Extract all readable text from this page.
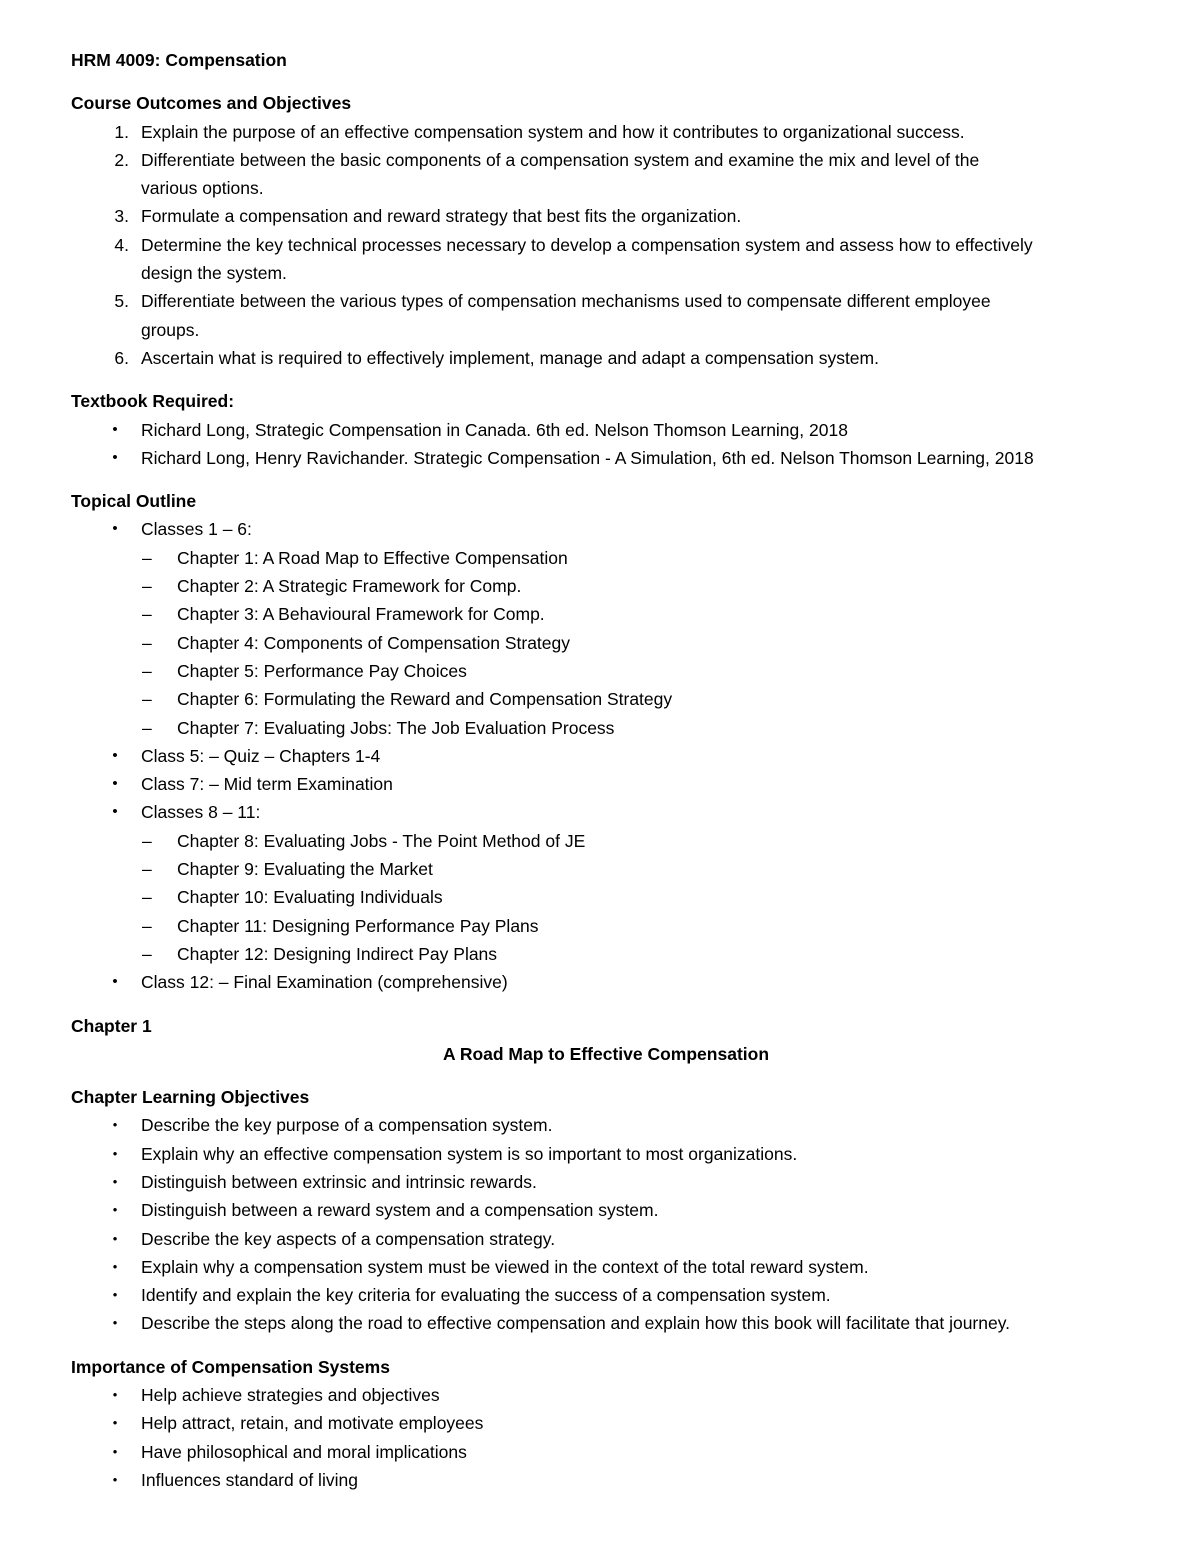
HRM 4009: Compensation
Course Outcomes and Objectives
1. Explain the purpose of an effective compensation system and how it contributes to organizational success.
2. Differentiate between the basic components of a compensation system and examine the mix and level of the
various options.
3. Formulate a compensation and reward strategy that best fits the organization.
4. Determine the key technical processes necessary to develop a compensation system and assess how to effectively
design the system.
5. Differentiate between the various types of compensation mechanisms used to compensate different employee
groups.
6. Ascertain what is required to effectively implement, manage and adapt a compensation system.
Textbook Required:
•	Richard Long, Strategic Compensation in Canada. 6th ed. Nelson Thomson Learning, 2018
•	Richard Long, Henry Ravichander. Strategic Compensation - A Simulation, 6th ed. Nelson Thomson Learning, 2018
Topical Outline
•	Classes 1 – 6:
–	Chapter 1: A Road Map to Effective Compensation
–	Chapter 2: A Strategic Framework for Comp.
–	Chapter 3: A Behavioural Framework for Comp.
–	Chapter 4: Components of Compensation Strategy
–	Chapter 5: Performance Pay Choices
–	Chapter 6: Formulating the Reward and Compensation Strategy
–	Chapter 7: Evaluating Jobs: The Job Evaluation Process
•	Class 5: – Quiz – Chapters 1-4
•	Class 7: – Mid term Examination
•	Classes 8 – 11:
–	Chapter 8: Evaluating Jobs - The Point Method of JE
–	Chapter 9: Evaluating the Market
–	Chapter 10: Evaluating Individuals
–	Chapter 11: Designing Performance Pay Plans
–	Chapter 12: Designing Indirect Pay Plans
•	Class 12: – Final Examination (comprehensive)
Chapter 1
A Road Map to Effective Compensation
Chapter Learning Objectives
•	Describe the key purpose of a compensation system.
•	Explain why an effective compensation system is so important to most organizations.
•	Distinguish between extrinsic and intrinsic rewards.
•	Distinguish between a reward system and a compensation system.
•	Describe the key aspects of a compensation strategy.
•	Explain why a compensation system must be viewed in the context of the total reward system.
•	Identify and explain the key criteria for evaluating the success of a compensation system.
•	Describe the steps along the road to effective compensation and explain how this book will facilitate that journey.
Importance of Compensation Systems
•	Help achieve strategies and objectives
•	Help attract, retain, and motivate employees
•	Have philosophical and moral implications
•	Influences standard of living
